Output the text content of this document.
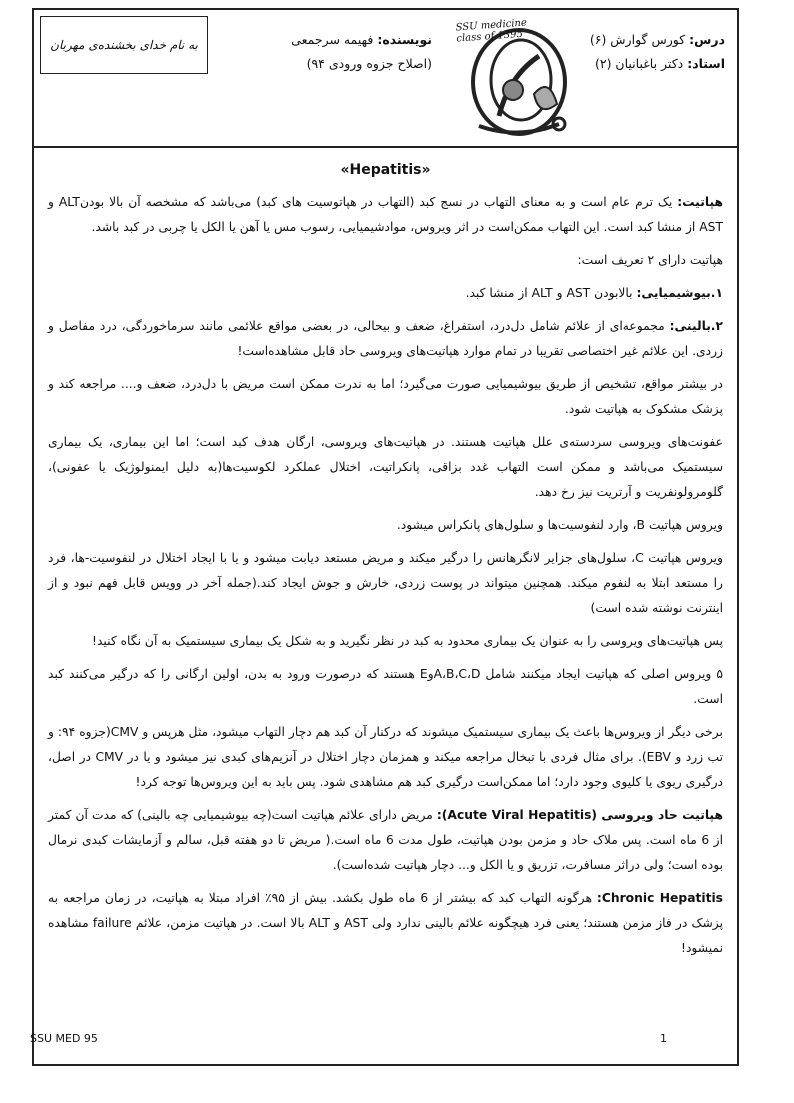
به نام خدای بخشنده‌ی مهربان
SSU medicine
class of 1395
نویسنده: فهیمه سرجمعی
(اصلاح جزوه ورودی ۹۴)
درس: کورس گوارش (۶)
استاد: دکتر باغبانیان (۲)
«Hepatitis»

هپاتیت: یک ترم عام است و به معنای التهاب در نسج کبد (التهاب در هپاتوسیت های کبد) می‌باشد که مشخصه آن بالا بودنALT و AST از منشا کبد است. این التهاب ممکن‌است در اثر ویروس، موادشیمیایی، رسوب مس یا آهن یا الکل یا چربی در کبد باشد.

هپاتیت دارای ۲ تعریف است:

۱.بیوشیمیایی: بالابودن AST و ALT از منشا کبد.

۲.بالینی: مجموعه‌ای از علائم شامل دل‌درد، استفراغ، ضعف و بیحالی، در بعضی مواقع علائمی مانند سرماخوردگی، درد مفاصل و زردی. این علائم غیر اختصاصی تقریبا در تمام موارد هپاتیت‌های ویروسی حاد قابل مشاهده‌است!

در بیشتر مواقع، تشخیص از طریق بیوشیمیایی صورت می‌گیرد؛ اما به ندرت ممکن است مریض با دل‌درد، ضعف و.... مراجعه کند و پزشک مشکوک به هپاتیت شود.

عفونت‌های ویروسی سردسته‌ی علل هپاتیت هستند. در هپاتیت‌های ویروسی، ارگان هدف کبد است؛ اما این بیماری، یک بیماری سیستمیک می‌باشد و ممکن است التهاب غدد بزاقی، پانکراتیت، اختلال عملکرد لکوسیت‌ها(به دلیل ایمنولوژیک یا عفونی)، گلومرولونفریت و آرتریت نیز رخ دهد.

ویروس هپاتیت B، وارد لنفوسیت‌ها و سلول‌های پانکراس میشود.

ویروس هپاتیت C، سلول‌های جزایر لانگرهانس را درگیر میکند و مریض مستعد دیابت میشود و یا با ایجاد اختلال در لنفوسیت-ها، فرد را مستعد ابتلا به لنفوم میکند. همچنین میتواند در پوست زردی، خارش و جوش ایجاد کند.(جمله آخر در وویس قابل فهم نبود و از اینترنت نوشته شده است)

پس هپاتیت‌های ویروسی را به عنوان یک بیماری محدود به کبد در نظر نگیرید و به شکل یک بیماری سیستمیک به آن نگاه کنید!

۵ ویروس اصلی که هپاتیت ایجاد میکنند شامل A،B،C،DوE هستند که درصورت ورود به بدن، اولین ارگانی را که درگیر می‌کنند کبد است.

برخی دیگر از ویروس‌ها باعث یک بیماری سیستمیک میشوند که درکنار آن کبد هم دچار التهاب میشود، مثل هرپس و CMV(جزوه ۹۴: و تب زرد و EBV). برای مثال فردی با تبخال مراجعه میکند و همزمان دچار اختلال در آنزیم‌های کبدی نیز میشود و یا در CMV در اصل، درگیری ریوی یا کلیوی وجود دارد؛ اما ممکن‌است درگیری کبد هم مشاهدی شود. پس باید به این ویروس‌ها توجه کرد!

هپاتیت حاد ویروسی (Acute Viral Hepatitis): مریض دارای علائم هپاتیت است(چه بیوشیمیایی چه بالینی) که مدت آن کمتر از 6 ماه است. پس ملاک حاد و مزمن بودن هپاتیت، طول مدت 6 ماه است.( مریض تا دو هفته قبل، سالم و آزمایشات کبدی نرمال بوده است؛ ولی دراثر مسافرت، تزریق و یا الکل و... دچار هپاتیت شده‌است).

Chronic Hepatitis: هرگونه التهاب کبد که بیشتر از 6 ماه طول بکشد. بیش از ۹۵٪ افراد مبتلا به هپاتیت، در زمان مراجعه به پزشک در فاز مزمن هستند؛ یعنی فرد هیچگونه علائم بالینی ندارد ولی AST و ALT بالا است. در هپاتیت مزمن، علائم failure مشاهده نمیشود!

SSU MED 95	1
